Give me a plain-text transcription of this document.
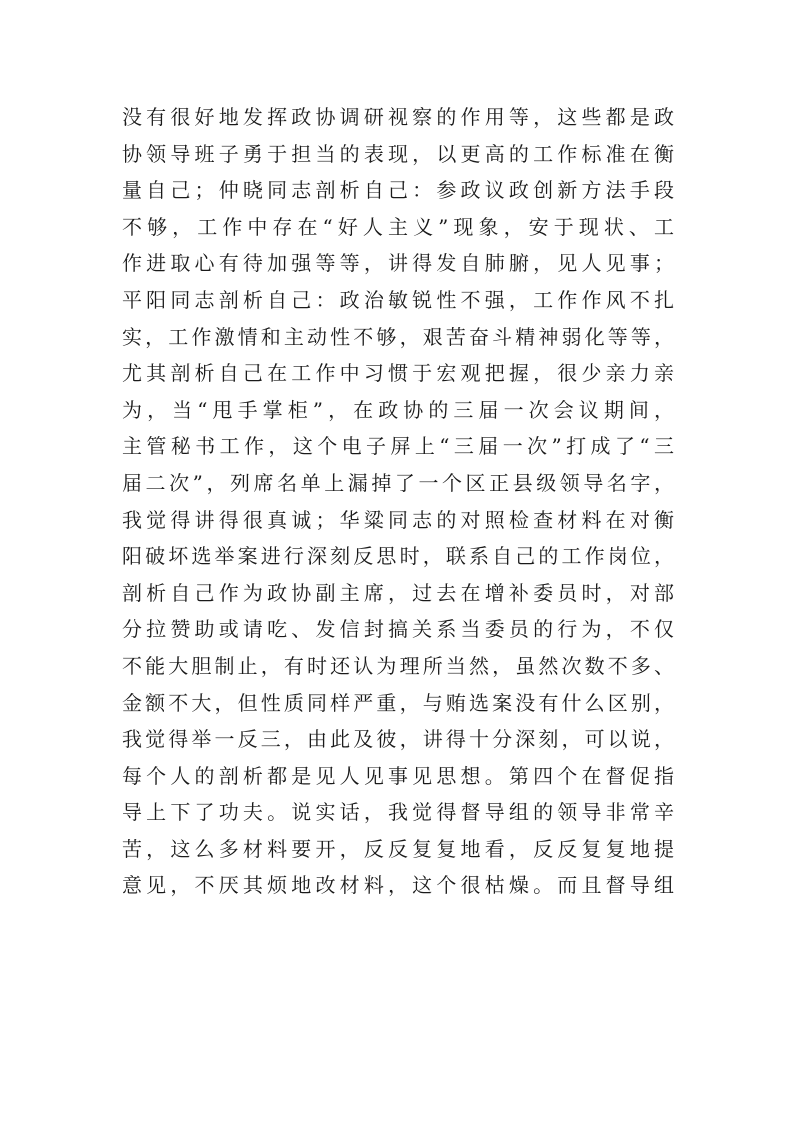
没有很好地发挥政协调研视察的作用等，这些都是政
协领导班子勇于担当的表现，以更高的工作标准在衡
量自己；仲晓同志剖析自己：参政议政创新方法手段
不够，工作中存在“好人主义”现象，安于现状、工
作进取心有待加强等等，讲得发自肺腑，见人见事；
平阳同志剖析自己：政治敏锐性不强，工作作风不扎
实，工作激情和主动性不够，艰苦奋斗精神弱化等等，
尤其剖析自己在工作中习惯于宏观把握，很少亲力亲
为，当“甩手掌柜”，在政协的三届一次会议期间，
主管秘书工作，这个电子屏上“三届一次”打成了“三
届二次”，列席名单上漏掉了一个区正县级领导名字，
我觉得讲得很真诚；华粱同志的对照检查材料在对衡
阳破坏选举案进行深刻反思时，联系自己的工作岗位，
剖析自己作为政协副主席，过去在增补委员时，对部
分拉赞助或请吃、发信封搞关系当委员的行为，不仅
不能大胆制止，有时还认为理所当然，虽然次数不多、
金额不大，但性质同样严重，与贿选案没有什么区别，
我觉得举一反三，由此及彼，讲得十分深刻，可以说，
每个人的剖析都是见人见事见思想。第四个在督促指
导上下了功夫。说实话，我觉得督导组的领导非常辛
苦，这么多材料要开，反反复复地看，反反复复地提
意见，不厌其烦地改材料，这个很枯燥。而且督导组
